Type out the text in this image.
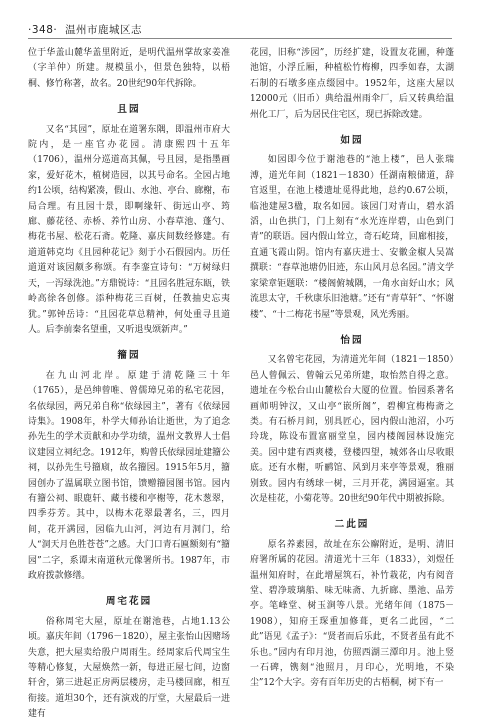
·348· 温州市鹿城区志

位于华盖山麓华盖里附近，是明代温州掌故家姜准（字羊仲）所建。规模虽小，但景色独特，以梧桐、修竹称著，故名。20世纪90年代拆除。

且园

又名“其园”，原址在道署东隅，即温州市府大院内，是一座官办花园。清康熙四十五年（1706），温州分巡道高其佩，号且园，是指墨画家，爱好花木，植树造园，以其号命名。全园占地约1公顷，结构紧凑，假山、水池、亭台、廊榭，布局合理。有且园十景，即啊缘轩、街远山亭、筠廊、藤花径、赤桥、养竹山房、小春草池、蓬勺、梅花书屋、松花石斋。乾隆、嘉庆间数经修建。有道道韩克均《且园种花记》刻于小石假园内。历任道道对该园颇多称颂。有李銮宣诗句：“万树绿归天，一泻绿洗池。”方鼎锐诗：“且园名胜冠东瓯，铁岭高徐各创修。添种梅花三百树，任教抽史忘夷犹。”郭钟岳诗：“且园花草总精神，何处重寻且道人。后李前秦名望重，又听退曳颂新声。”

籀园

在九山河北岸。原建于清乾隆三十年（1765），是邑绅曾唯、曾儒璋兄弟的私宅花园，名依绿园，两兄弟自称“依绿园主”，著有《依绿园诗集》。1908年，朴学大师孙诒让逝世，为了追念孙先生的学术贡献和办学功绩，温州文教界人士倡议建园立祠纪念。1912年，购曾氏依绿园址建籀公祠，以孙先生号籀庼，故名籀园。1915年5月，籀园创办了温属联立图书馆，馈赠籀园图书馆。园内有籀公祠、眼鹿轩、藏书楼和亭榭等，花木葱翠，四季芬芳。其中，以梅木花翠最著名，三，四月间，花开满园，园临九山河，河边有月洞门，给人“洞天月色胜苍苍”之感。大门口青石匾额刻有“籀园”二字，系谭末南道秋元像署所书。1987年，市政府拨款修缮。

周宅花园

俗称周宅大屋，原址在谢池巷，占地1.13公顷。嘉庆年间（1796－1820），屋主张怡山因赌场失意，把大屋卖给殷户周雨生。经周家后代周宝生等精心修复，大屋焕然一新，每进正屋七间，边窗轩舍，第三进起正房两层楼房，走马楼回廊，相互衔接。道坦30个，还有演戏的厅堂，大屋最后一进建有

花园，旧称“涉园”，历经扩建，设置友花圃，种蓬池馆，小浮丘厢，种植松竹梅柳，四季如春，太湖石制的石墩多座点缀园中。1952年，这座大屋以12000元（旧币）典给温州雨伞厂，后又转典给温州化工厂，后为居民住宅区，现已拆除改建。

如园

如园即今位于谢池巷的“池上楼”，邑人张瑞溥，道光年间（1821－1830）任湖南粮储道，辞官返里，在池上楼遗址觅得此地，总约0.67公顷，临池建屋3楹，取名如园。该园门对青山，碧水滔滔，山色拱门，门上刻有“水光连岸碧，山色到门青”的联语。园内假山耸立，奇石屹琦，回廊相接，直通飞霞山阴。馆内有嘉庆进士、安徽金椒人吴嵩撰联：“春草池塘仍旧迹，东山风月总名园。”清文学家梁章钜题联：“楼阁俯城隅，一角水亩好山水；风流思太守，千秋康乐旧池塘。”还有“青草轩”、“怀谢楼”、“十二梅花书屋”等景观，风光秀丽。

怡园

又名曾宅花园，为清道光年间（1821－1850）邑人曾佩云、曾翰云兄弟所建，取怡然自得之意。遗址在今松台山山麓松台大厦的位置。怡园系著名画师明钟汉，又山亭“嵌所阁”，碧柳宜梅梅斋之类。有石桥月间，别具匠心，园内假山池沼，小巧玲珑，陈设布置富丽堂皇，园内楼阁园林设施完美。园中建有西爽楼，登楼四望，城郊各山尽收眼底。还有水榭，听鹂馆、风到月来亭等景观，雅丽别致。园内有绣球一树，三月开花，满园逼室。其次是桂花，小菊花等。20世纪90年代中期被拆除。

二此园

原名养素园，故址在东公廨附近，是明、清旧府署所属的花园。清道光十三年（1833），刘煜任温州知府时，在此增屋筑石，补竹栽花，内有阅音堂、碧净玻璃船、味无味斋、九折廊、墨池、品芳亭。笔峰堂、树玉涧等八景。光绪年间（1875－1908），知府王琛重加修葺，更名二此园，“二此”语见《孟子》：“贤者而后乐此，不贤者虽有此不乐也。”园内有印月池，仿照西湖三潭印月。池上竖一石碑，镌刻“池照月，月印心，光明地，不染尘”12个大字。旁有百年历史的古梧桐，树下有一
